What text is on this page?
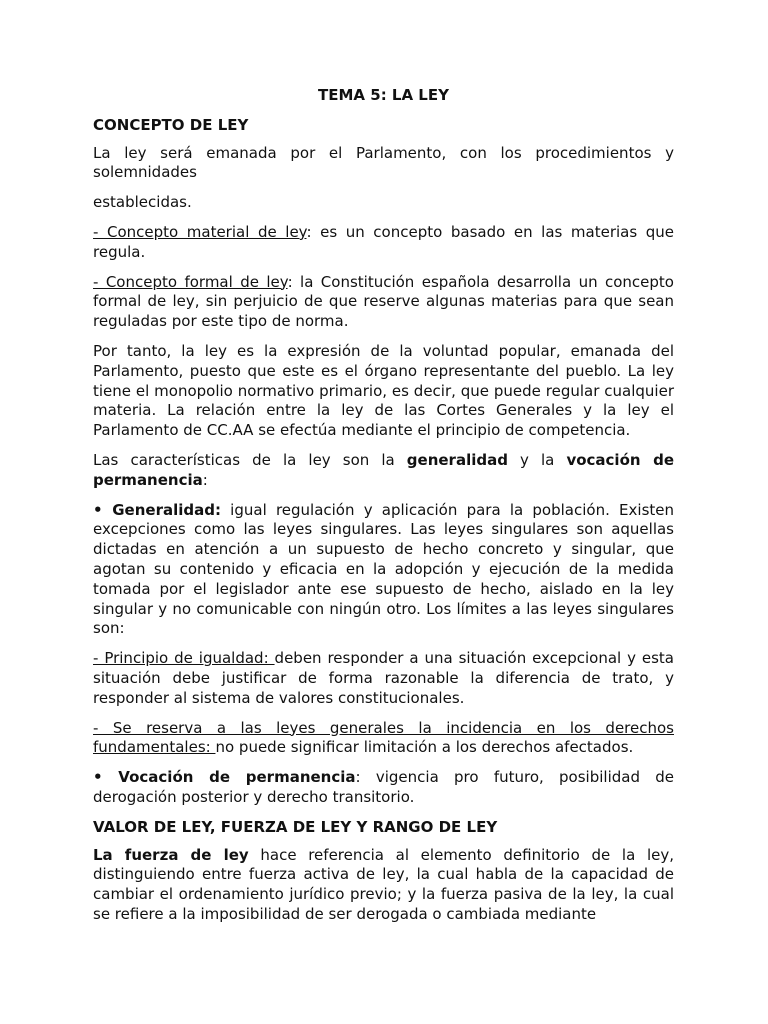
TEMA 5: LA LEY
CONCEPTO DE LEY

La ley será emanada por el Parlamento, con los procedimientos y solemnidades

establecidas.

- Concepto material de ley: es un concepto basado en las materias que regula.

- Concepto formal de ley: la Constitución española desarrolla un concepto formal de ley, sin perjuicio de que reserve algunas materias para que sean reguladas por este tipo de norma.

Por tanto, la ley es la expresión de la voluntad popular, emanada del Parlamento, puesto que este es el órgano representante del pueblo. La ley tiene el monopolio normativo primario, es decir, que puede regular cualquier materia. La relación entre la ley de las Cortes Generales y la ley el Parlamento de CC.AA se efectúa mediante el principio de competencia.

Las características de la ley son la generalidad y la vocación de permanencia:

• Generalidad: igual regulación y aplicación para la población. Existen excepciones como las leyes singulares. Las leyes singulares son aquellas dictadas en atención a un supuesto de hecho concreto y singular, que agotan su contenido y eficacia en la adopción y ejecución de la medida tomada por el legislador ante ese supuesto de hecho, aislado en la ley singular y no comunicable con ningún otro. Los límites a las leyes singulares son:

- Principio de igualdad: deben responder a una situación excepcional y esta situación debe justificar de forma razonable la diferencia de trato, y responder al sistema de valores constitucionales.

- Se reserva a las leyes generales la incidencia en los derechos fundamentales: no puede significar limitación a los derechos afectados.

• Vocación de permanencia: vigencia pro futuro, posibilidad de derogación posterior y derecho transitorio.

VALOR DE LEY, FUERZA DE LEY Y RANGO DE LEY

La fuerza de ley hace referencia al elemento definitorio de la ley, distinguiendo entre fuerza activa de ley, la cual habla de la capacidad de cambiar el ordenamiento jurídico previo; y la fuerza pasiva de la ley, la cual se refiere a la imposibilidad de ser derogada o cambiada mediante
